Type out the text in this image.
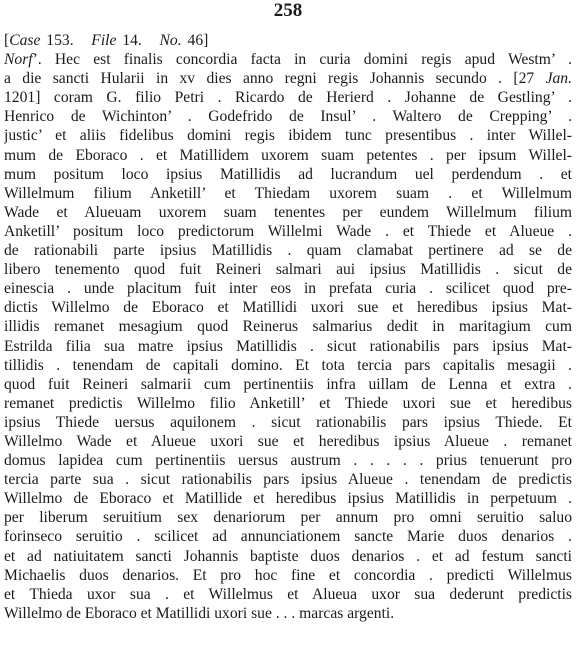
258
[Case 153. File 14. No. 46]
Norf’. Hec est finalis concordia facta in curia domini regis apud Westm’ .
a die sancti Hularii in xv dies anno regni regis Johannis secundo . [27 Jan.
1201] coram G. filio Petri . Ricardo de Herierd . Johanne de Gestling’ .
Henrico de Wichinton’ . Godefrido de Insul’ . Waltero de Crepping’ .
justic’ et aliis fidelibus domini regis ibidem tunc presentibus . inter Willel-
mum de Eboraco . et Matillidem uxorem suam petentes . per ipsum Willel-
mum positum loco ipsius Matillidis ad lucrandum uel perdendum . et
Willelmum filium Anketill’ et Thiedam uxorem suam . et Willelmum
Wade et Alueuam uxorem suam tenentes per eundem Willelmum filium
Anketill’ positum loco predictorum Willelmi Wade . et Thiede et Alueue .
de rationabili parte ipsius Matillidis . quam clamabat pertinere ad se de
libero tenemento quod fuit Reineri salmari aui ipsius Matillidis . sicut de
einescia . unde placitum fuit inter eos in prefata curia . scilicet quod pre-
dictis Willelmo de Eboraco et Matillidi uxori sue et heredibus ipsius Mat-
illidis remanet mesagium quod Reinerus salmarius dedit in maritagium cum
Estrilda filia sua matre ipsius Matillidis . sicut rationabilis pars ipsius Mat-
tillidis . tenendam de capitali domino. Et tota tercia pars capitalis mesagii .
quod fuit Reineri salmarii cum pertinentiis infra uillam de Lenna et extra .
remanet predictis Willelmo filio Anketill’ et Thiede uxori sue et heredibus
ipsius Thiede uersus aquilonem . sicut rationabilis pars ipsius Thiede. Et
Willelmo Wade et Alueue uxori sue et heredibus ipsius Alueue . remanet
domus lapidea cum pertinentiis uersus austrum . . . . . prius tenuerunt pro
tercia parte sua . sicut rationabilis pars ipsius Alueue . tenendam de predictis
Willelmo de Eboraco et Matillide et heredibus ipsius Matillidis in perpetuum .
per liberum seruitium sex denariorum per annum pro omni seruitio saluo
forinseco seruitio . scilicet ad annunciationem sancte Marie duos denarios .
et ad natiuitatem sancti Johannis baptiste duos denarios . et ad festum sancti
Michaelis duos denarios. Et pro hoc fine et concordia . predicti Willelmus
et Thieda uxor sua . et Willelmus et Alueua uxor sua dederunt predictis
Willelmo de Eboraco et Matillidi uxori sue . . . marcas argenti.
